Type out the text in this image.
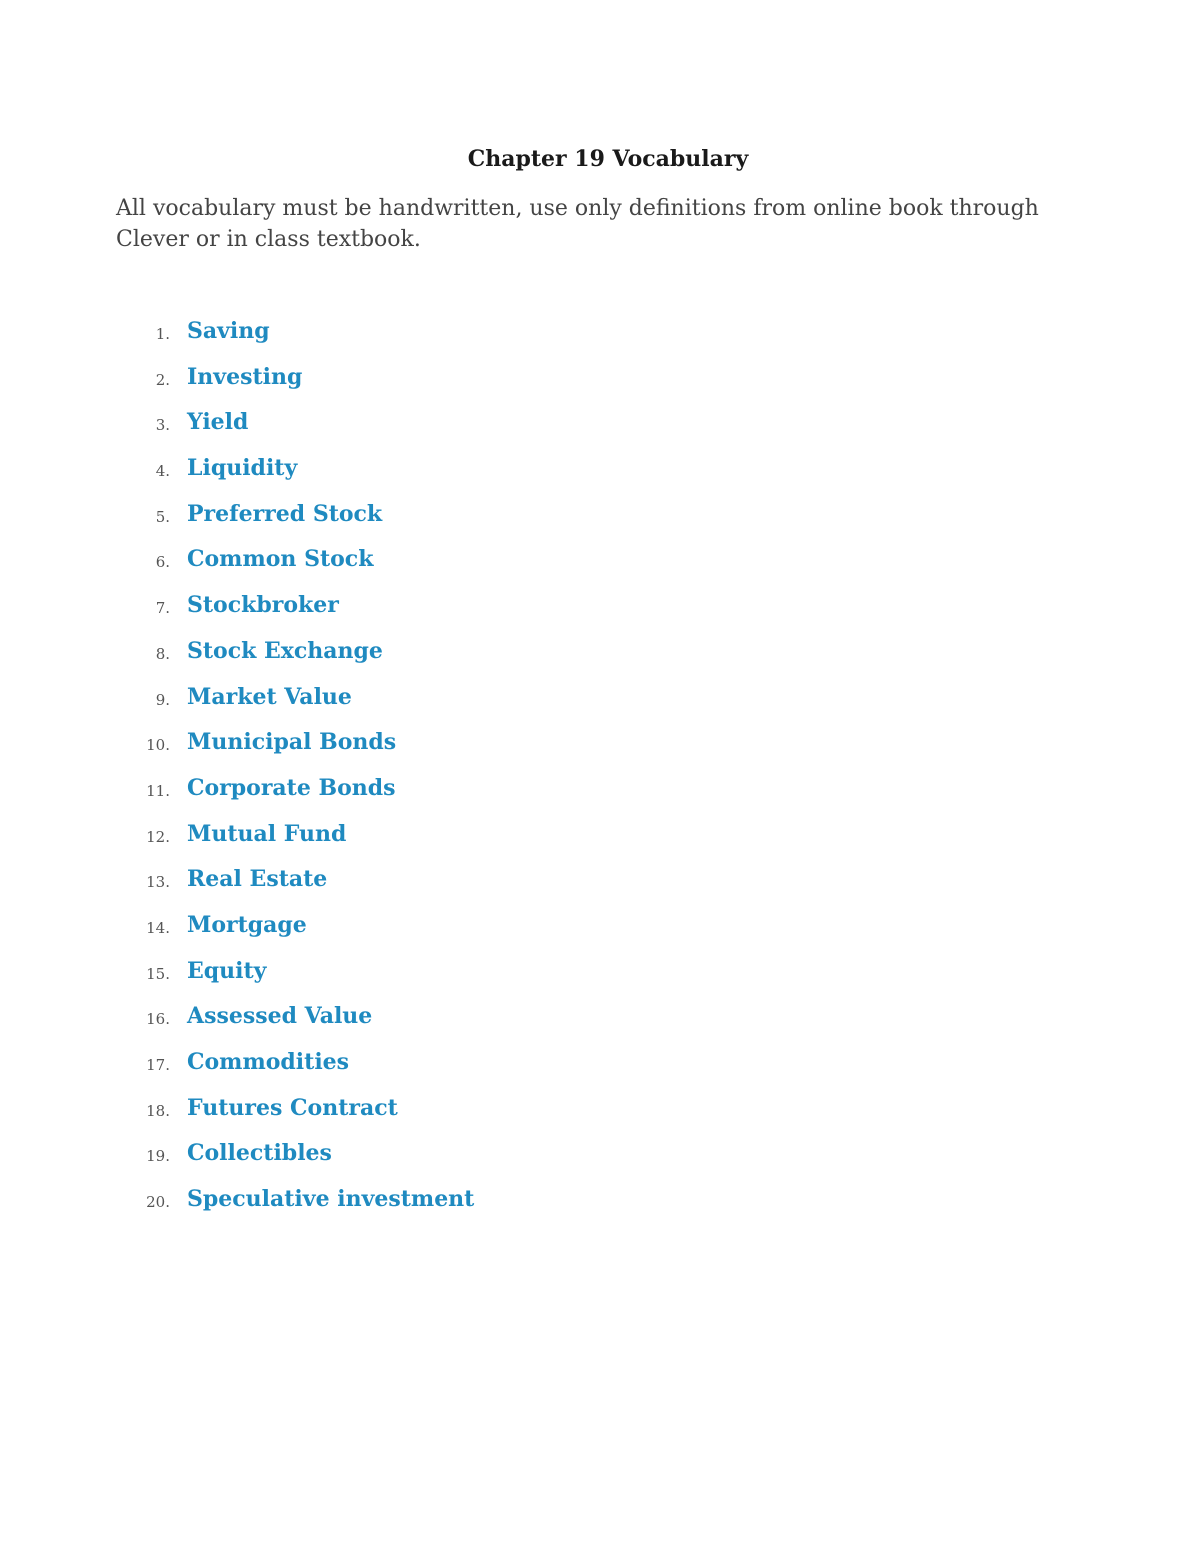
Chapter 19 Vocabulary

All vocabulary must be handwritten, use only definitions from online book through Clever or in class textbook.

1. Saving
2. Investing
3. Yield
4. Liquidity
5. Preferred Stock
6. Common Stock
7. Stockbroker
8. Stock Exchange
9. Market Value
10. Municipal Bonds
11. Corporate Bonds
12. Mutual Fund
13. Real Estate
14. Mortgage
15. Equity
16. Assessed Value
17. Commodities
18. Futures Contract
19. Collectibles
20. Speculative investment
